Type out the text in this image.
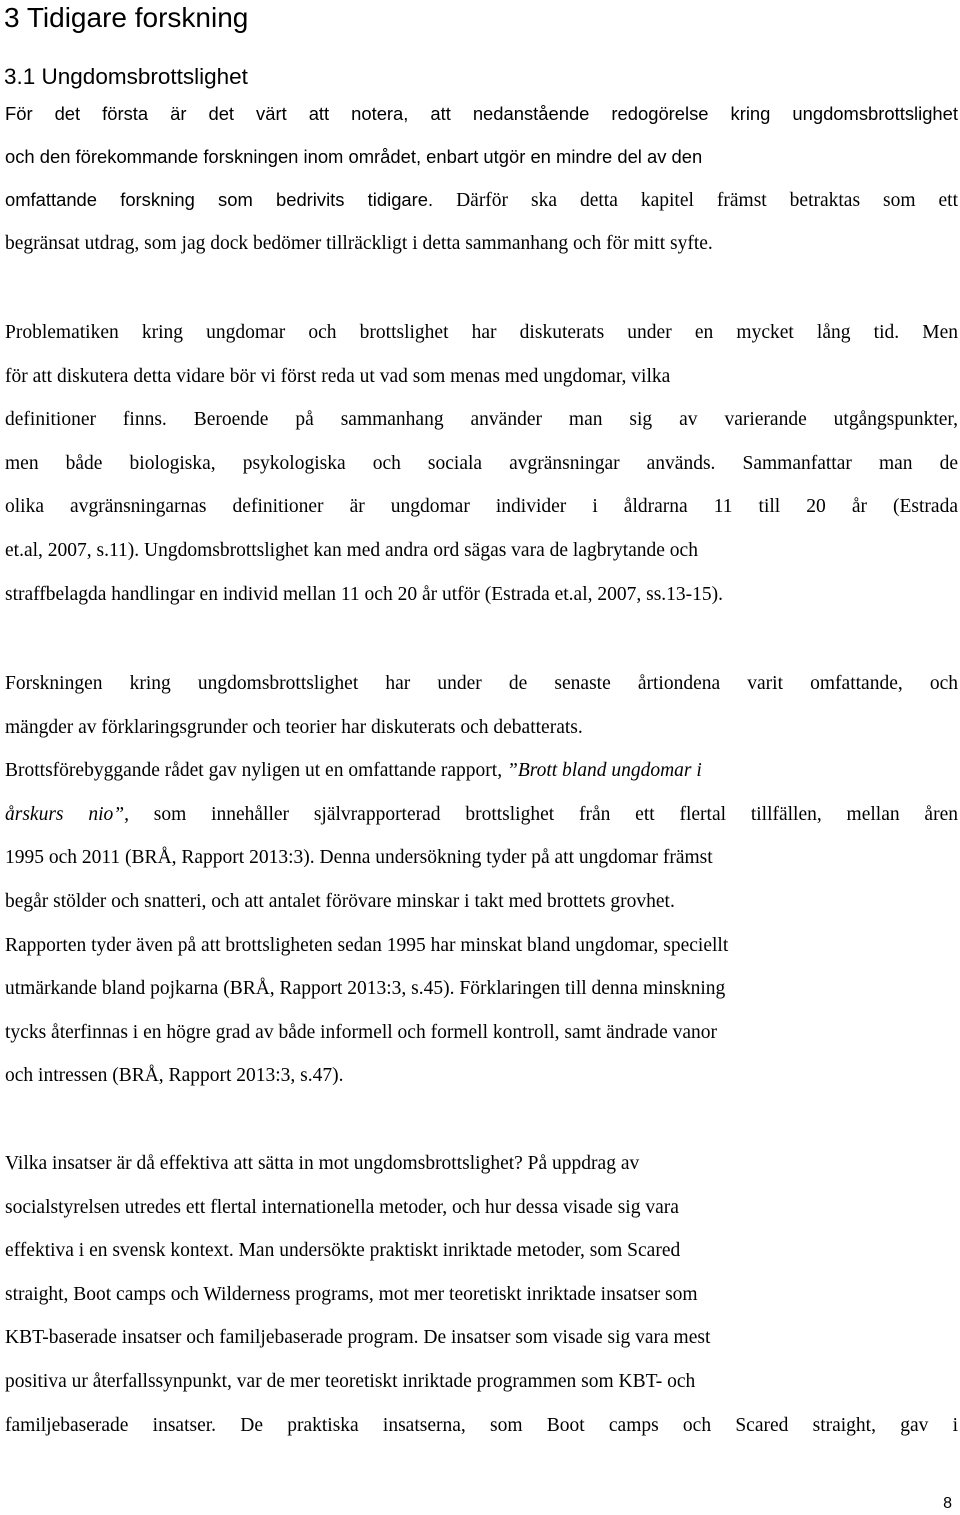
3 Tidigare forskning
3.1 Ungdomsbrottslighet
För det första är det värt att notera, att nedanstående redogörelse kring ungdomsbrottslighet
och den förekommande forskningen inom området, enbart utgör en mindre del av den
omfattande forskning som bedrivits tidigare. Därför ska detta kapitel främst betraktas som ett
begränsat utdrag, som jag dock bedömer tillräckligt i detta sammanhang och för mitt syfte.
Problematiken kring ungdomar och brottslighet har diskuterats under en mycket lång tid. Men
för att diskutera detta vidare bör vi först reda ut vad som menas med ungdomar, vilka
definitioner finns. Beroende på sammanhang använder man sig av varierande utgångspunkter,
men både biologiska, psykologiska och sociala avgränsningar används. Sammanfattar man de
olika avgränsningarnas definitioner är ungdomar individer i åldrarna 11 till 20 år (Estrada
et.al, 2007, s.11). Ungdomsbrottslighet kan med andra ord sägas vara de lagbrytande och
straffbelagda handlingar en individ mellan 11 och 20 år utför (Estrada et.al, 2007, ss.13-15).
Forskningen kring ungdomsbrottslighet har under de senaste årtiondena varit omfattande, och
mängder av förklaringsgrunder och teorier har diskuterats och debatterats.
Brottsförebyggande rådet gav nyligen ut en omfattande rapport, ”Brott bland ungdomar i
årskurs nio”, som innehåller självrapporterad brottslighet från ett flertal tillfällen, mellan åren
1995 och 2011 (BRÅ, Rapport 2013:3). Denna undersökning tyder på att ungdomar främst
begår stölder och snatteri, och att antalet förövare minskar i takt med brottets grovhet.
Rapporten tyder även på att brottsligheten sedan 1995 har minskat bland ungdomar, speciellt
utmärkande bland pojkarna (BRÅ, Rapport 2013:3, s.45). Förklaringen till denna minskning
tycks återfinnas i en högre grad av både informell och formell kontroll, samt ändrade vanor
och intressen (BRÅ, Rapport 2013:3, s.47).
Vilka insatser är då effektiva att sätta in mot ungdomsbrottslighet? På uppdrag av
socialstyrelsen utredes ett flertal internationella metoder, och hur dessa visade sig vara
effektiva i en svensk kontext. Man undersökte praktiskt inriktade metoder, som Scared
straight, Boot camps och Wilderness programs, mot mer teoretiskt inriktade insatser som
KBT-baserade insatser och familjebaserade program. De insatser som visade sig vara mest
positiva ur återfallssynpunkt, var de mer teoretiskt inriktade programmen som KBT- och
familjebaserade insatser. De praktiska insatserna, som Boot camps och Scared straight, gav i
8
